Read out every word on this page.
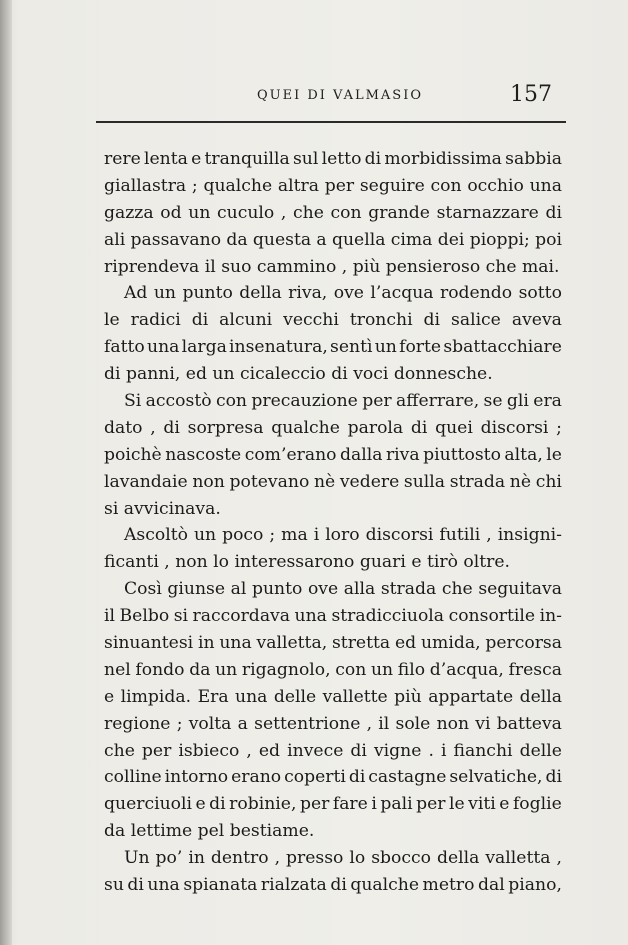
QUEI DI VALMASIO	157
rere lenta e tranquilla sul letto di morbidissima sabbia
giallastra ; qualche altra per seguire con occhio una
gazza od un cuculo , che con grande starnazzare di
ali passavano da questa a quella cima dei pioppi; poi
riprendeva il suo cammino , più pensieroso che mai.
Ad un punto della riva, ove l’acqua rodendo sotto
le radici di alcuni vecchi tronchi di salice aveva
fatto una larga insenatura, sentì un forte sbattacchiare
di panni, ed un cicaleccio di voci donnesche.
Si accostò con precauzione per afferrare, se gli era
dato , di sorpresa qualche parola di quei discorsi ;
poichè nascoste com’erano dalla riva piuttosto alta, le
lavandaie non potevano nè vedere sulla strada nè chi
si avvicinava.
Ascoltò un poco ; ma i loro discorsi futili , insigni-
ficanti , non lo interessarono guari e tirò oltre.
Così giunse al punto ove alla strada che seguitava
il Belbo si raccordava una stradicciuola consortile in-
sinuantesi in una valletta, stretta ed umida, percorsa
nel fondo da un rigagnolo, con un filo d’acqua, fresca
e limpida. Era una delle vallette più appartate della
regione ; volta a settentrione , il sole non vi batteva
che per isbieco , ed invece di vigne . i fianchi delle
colline intorno erano coperti di castagne selvatiche, di
querciuoli e di robinie, per fare i pali per le viti e foglie
da lettime pel bestiame.
Un po’ in dentro , presso lo sbocco della valletta ,
su di una spianata rialzata di qualche metro dal piano,
